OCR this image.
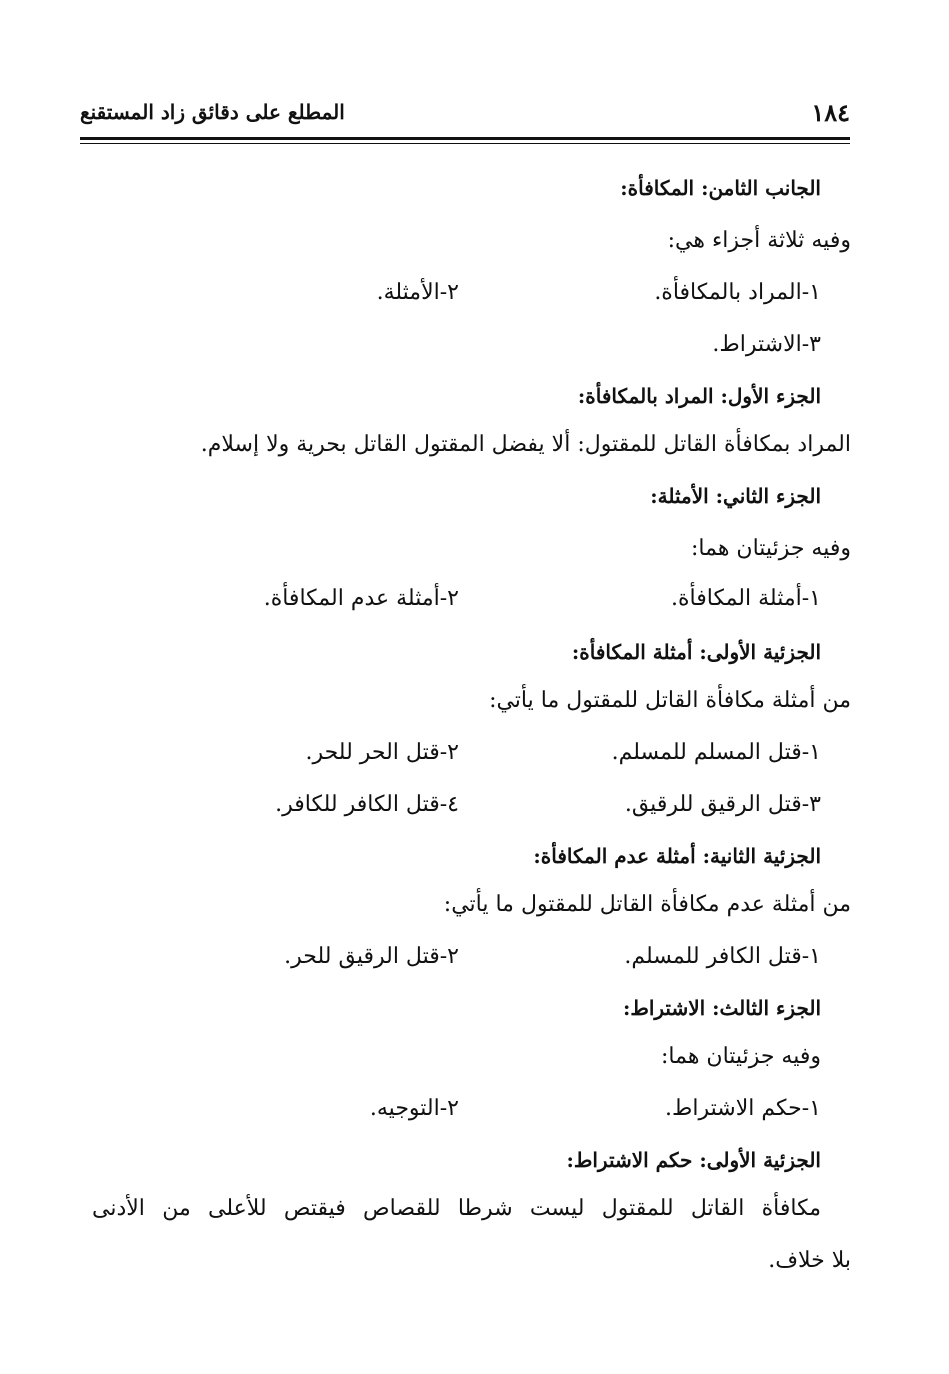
١٨٤
المطلع على دقائق زاد المستقنع
الجانب الثامن: المكافأة:
وفيه ثلاثة أجزاء هي:
١-المراد بالمكافأة.
٢-الأمثلة.
٣-الاشتراط.
الجزء الأول: المراد بالمكافأة:
المراد بمكافأة القاتل للمقتول: ألا يفضل المقتول القاتل بحرية ولا إسلام.
الجزء الثاني: الأمثلة:
وفيه جزئيتان هما:
١-أمثلة المكافأة.
٢-أمثلة عدم المكافأة.
الجزئية الأولى: أمثلة المكافأة:
من أمثلة مكافأة القاتل للمقتول ما يأتي:
١-قتل المسلم للمسلم.
٢-قتل الحر للحر.
٣-قتل الرقيق للرقيق.
٤-قتل الكافر للكافر.
الجزئية الثانية: أمثلة عدم المكافأة:
من أمثلة عدم مكافأة القاتل للمقتول ما يأتي:
١-قتل الكافر للمسلم.
٢-قتل الرقيق للحر.
الجزء الثالث: الاشتراط:
وفيه جزئيتان هما:
١-حكم الاشتراط.
٢-التوجيه.
الجزئية الأولى: حكم الاشتراط:
مكافأة القاتل للمقتول ليست شرطا للقصاص فيقتص للأعلى من الأدنى
بلا خلاف.
